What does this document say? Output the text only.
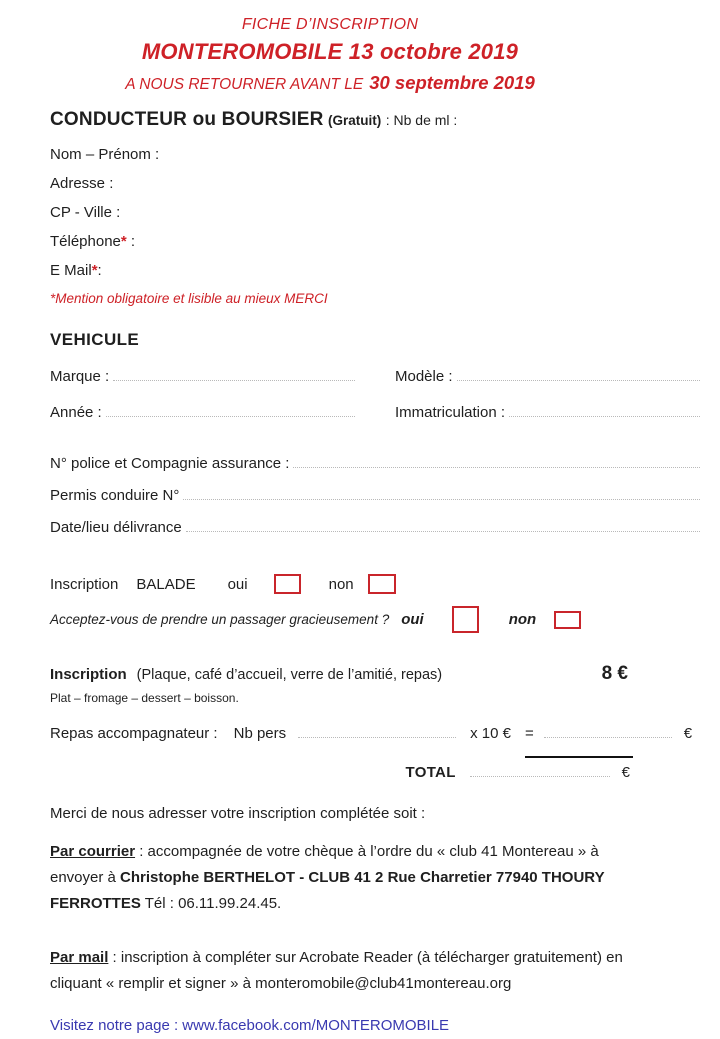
FICHE D’INSCRIPTION
MONTEROMOBILE 13 octobre 2019
A NOUS RETOURNER AVANT LE 30 septembre 2019
CONDUCTEUR ou BOURSIER (Gratuit) : Nb de ml :
Nom – Prénom :
Adresse :
CP - Ville :
Téléphone* :
E Mail*:
*Mention obligatoire et lisible au mieux MERCI
VEHICULE
Marque :	Modèle :
Année :	Immatriculation :
N° police et Compagnie assurance :
Permis conduire N°
Date/lieu délivrance
Inscription BALADE oui	non
Acceptez-vous de prendre un passager gracieusement ? oui	non
Inscription (Plaque, café d’accueil, verre de l’amitié, repas)	8 €
Plat – fromage – dessert – boisson.
Repas accompagnateur : Nb pers	x 10 € =	€
TOTAL	€
Merci de nous adresser votre inscription complétée soit :
Par courrier : accompagnée de votre chèque à l’ordre du « club 41 Montereau » à envoyer à Christophe BERTHELOT - CLUB 41 2 Rue Charretier 77940 THOURY FERROTTES Tél : 06.11.99.24.45.
Par mail : inscription à compléter sur Acrobate Reader (à télécharger gratuitement) en cliquant « remplir et signer » à monteromobile@club41montereau.org
Visitez notre page : www.facebook.com/MONTEROMOBILE
